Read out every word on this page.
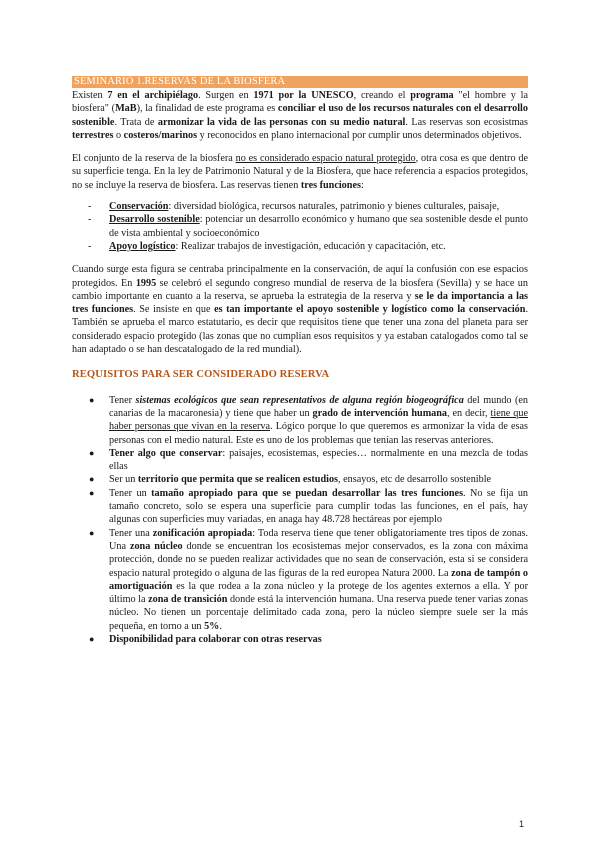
SEMINARIO 1.RESERVAS DE LA BIOSFERA

Existen 7 en el archipiélago. Surgen en 1971 por la UNESCO, creando el programa "el hombre y la biosfera" (MaB), la finalidad de este programa es conciliar el uso de los recursos naturales con el desarrollo sostenible. Trata de armonizar la vida de las personas con su medio natural. Las reservas son ecosistmas terrestres o costeros/marinos y reconocidos en plano internacional por cumplir unos determinados objetivos.

El conjunto de la reserva de la biosfera no es considerado espacio natural protegido, otra cosa es que dentro de su superficie tenga. En la ley de Patrimonio Natural y de la Biosfera, que hace referencia a espacios protegidos, no se incluye la reserva de biosfera. Las reservas tienen tres funciones:

- Conservación: diversidad biológica, recursos naturales, patrimonio y bienes culturales, paisaje,
- Desarrollo sostenible: potenciar un desarrollo económico y humano que sea sostenible desde el punto de vista ambiental y socioeconómico
- Apoyo logístico: Realizar trabajos de investigación, educación y capacitación, etc.

Cuando surge esta figura se centraba principalmente en la conservación, de aquí la confusión con ese espacios protegidos. En 1995 se celebró el segundo congreso mundial de reserva de la biosfera (Sevilla) y se hace un cambio importante en cuanto a la reserva, se aprueba la estrategia de la reserva y se le da importancia a las tres funciones. Se insiste en que es tan importante el apoyo sostenible y logístico como la conservación. También se aprueba el marco estatutario, es decir que requisitos tiene que tener una zona del planeta para ser considerado espacio protegido (las zonas que no cumplían esos requisitos y ya estaban catalogados como tal se han adaptado o se han descatalogado de la red mundial).

REQUISITOS PARA SER CONSIDERADO RESERVA
● Tener sistemas ecológicos que sean representativos de alguna región biogeográfica del mundo (en canarias de la macaronesia) y tiene que haber un grado de intervención humana, en decir, tiene que haber personas que vivan en la reserva. Lógico porque lo que queremos es armonizar la vida de esas personas con el medio natural. Este es uno de los problemas que tenían las reservas anteriores.
● Tener algo que conservar: paisajes, ecosistemas, especies… normalmente en una mezcla de todas ellas
● Ser un territorio que permita que se realicen estudios, ensayos, etc de desarrollo sostenible
● Tener un tamaño apropiado para que se puedan desarrollar las tres funciones. No se fija un tamaño concreto, solo se espera una superficie para cumplir todas las funciones, en el país, hay algunas con superficies muy variadas, en anaga hay 48.728 hectáreas por ejemplo
● Tener una zonificación apropiada: Toda reserva tiene que tener obligatoriamente tres tipos de zonas. Una zona núcleo donde se encuentran los ecosistemas mejor conservados, es la zona con máxima protección, donde no se pueden realizar actividades que no sean de conservación, esta si se considera espacio natural protegido o alguna de las figuras de la red europea Natura 2000. La zona de tampón o amortiguación es la que rodea a la zona núcleo y la protege de los agentes externos a ella. Y por último la zona de transición donde está la intervención humana. Una reserva puede tener varias zonas núcleo. No tienen un porcentaje delimitado cada zona, pero la núcleo siempre suele ser la más pequeña, en torno a un 5%.
● Disponibilidad para colaborar con otras reservas
1
